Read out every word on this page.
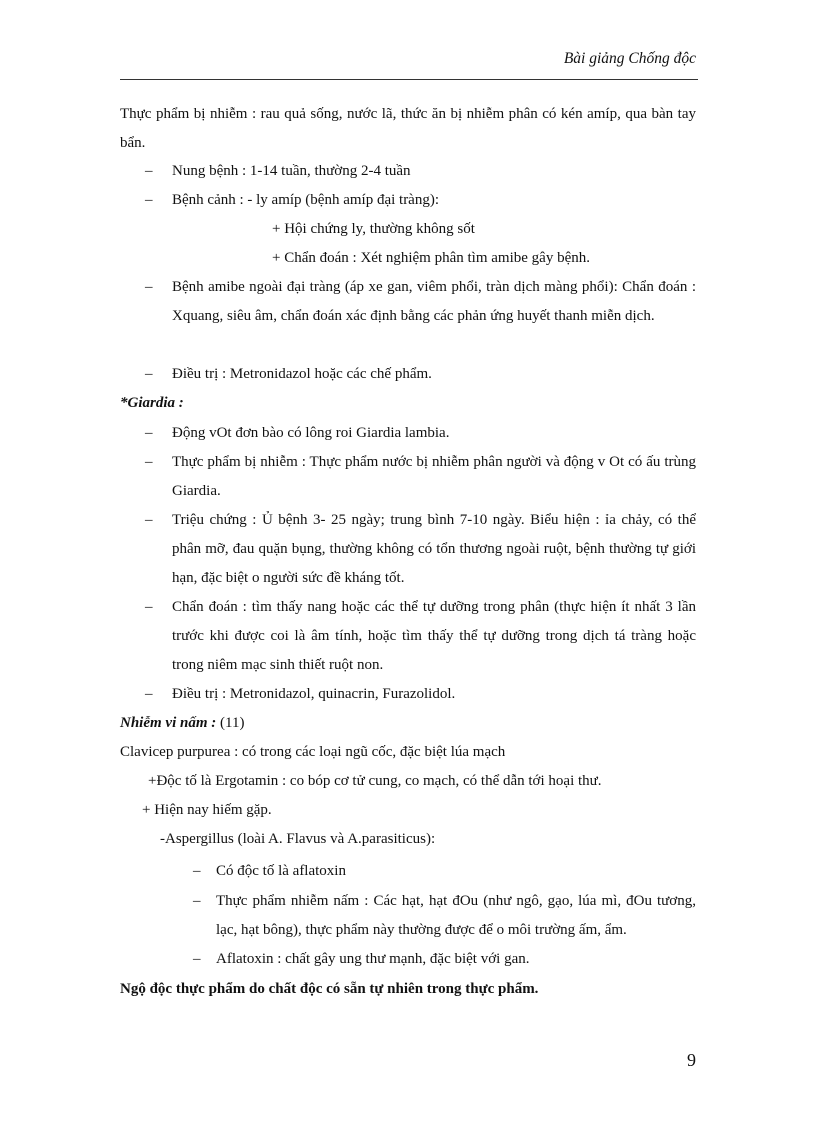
Bài giảng Chống độc

Thực phẩm bị nhiễm : rau quả sống, nước lã, thức ăn bị nhiễm phân có kén amíp, qua bàn tay bẩn.

– Nung bệnh : 1-14 tuần, thường 2-4 tuần

– Bệnh cảnh : - ly amíp (bệnh amíp đại tràng):

+ Hội chứng ly, thường không sốt

+ Chẩn đoán : Xét nghiệm phân tìm amibe gây bệnh.

– Bệnh amibe ngoài đại tràng (áp xe gan, viêm phổi, tràn dịch màng phổi): Chẩn đoán : Xquang, siêu âm, chẩn đoán xác định bằng các phản ứng huyết thanh miễn dịch.

– Điều trị : Metronidazol hoặc các chế phẩm.

*Giardia :

– Động vOt đơn bào có lông roi Giardia lambia.

– Thực phẩm bị nhiễm : Thực phẩm nước bị nhiễm phân người và động v Ot có ấu trùng Giardia.

– Triệu chứng : Ủ bệnh 3- 25 ngày; trung bình 7-10 ngày. Biểu hiện : ỉa chảy, có thể phân mỡ, đau quặn bụng, thường không có tổn thương ngoài ruột, bệnh thường tự giới hạn, đặc biệt o người sức đề kháng tốt.

– Chẩn đoán : tìm thấy nang hoặc các thể tự dưỡng trong phân (thực hiện ít nhất 3 lần trước khi được coi là âm tính, hoặc tìm thấy thể tự dưỡng trong dịch tá tràng hoặc trong niêm mạc sinh thiết ruột non.

– Điều trị : Metronidazol, quinacrin, Furazolidol.

Nhiễm vi nấm : (11)

Clavicep purpurea : có trong các loại ngũ cốc, đặc biệt lúa mạch

+Độc tố là Ergotamin : co bóp cơ tử cung, co mạch, có thể dẫn tới hoại thư.

+ Hiện nay hiếm gặp.

-Aspergillus (loài A. Flavus và A.parasiticus):

– Có độc tố là aflatoxin

– Thực phẩm nhiễm nấm : Các hạt, hạt đOu (như ngô, gạo, lúa mì, đOu tương, lạc, hạt bông), thực phẩm này thường được để o môi trường ấm, ẩm.

– Aflatoxin : chất gây ung thư mạnh, đặc biệt với gan.

Ngộ độc thực phẩm do chất độc có sẵn tự nhiên trong thực phẩm.

9
